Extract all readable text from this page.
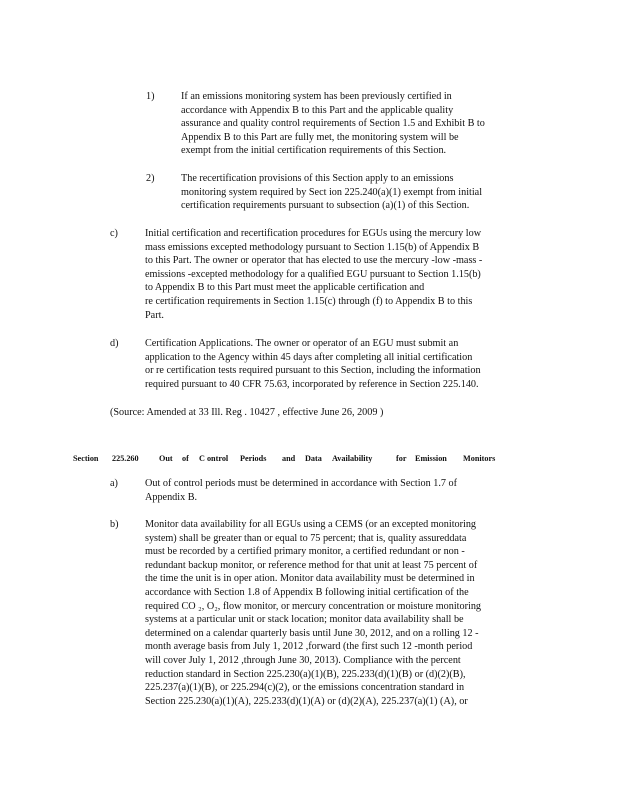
1)	If an emissions monitoring system has been previously certified in
accordance with Appendix B to this Part and the applicable quality
assurance and quality control requirements of Section 1.5 and Exhibit B to
Appendix B to this Part are fully met, the monitoring system will be
exempt from the initial certification requirements of this Section.
2)	The recertification provisions of this Section apply to an emissions
monitoring system required by Sect ion 225.240(a)(1) exempt from initial
certification requirements pursuant to subsection (a)(1) of this Section.
c)	Initial certification and recertification procedures for EGUs using the mercury low
mass emissions excepted methodology pursuant to Section 1.15(b) of Appendix B
to this Part. The owner or operator that has elected to use the mercury -low -mass -
emissions -excepted methodology for a qualified EGU pursuant to Section 1.15(b)
to Appendix B to this Part must meet the applicable certification and
re certification requirements in Section 1.15(c) through (f) to Appendix B to this
Part.
d)	Certification Applications. The owner or operator of an EGU must submit an
application to the Agency within 45 days after completing all initial certification
or re certification tests required pursuant to this Section, including the information
required pursuant to 40 CFR 75.63, incorporated by reference in Section 225.140.
(Source: Amended at 33 Ill. Reg . 10427 , effective June 26, 2009 )
Section 225.260 Out of C ontrol Periods and Data Availability	for Emission Monitors
a)	Out of control periods must be determined in accordance with Section 1.7 of
Appendix B.
b)	Monitor data availability for all EGUs using a CEMS (or an excepted monitoring
system) shall be greater than or equal to 75 percent; that is, quality assureddata
must be recorded by a certified primary monitor, a certified redundant or non -
redundant backup monitor, or reference method for that unit at least 75 percent of
the time the unit is in oper ation. Monitor data availability must be determined in
accordance with Section 1.8 of Appendix B following initial certification of the
required CO ₂, O₂, flow monitor, or mercury concentration or moisture monitoring
systems at a particular unit or stack location; monitor data availability shall be
determined on a calendar quarterly basis until June 30, 2012, and on a rolling 12 -
month average basis from July 1, 2012 ,forward (the first such 12 -month period
will cover July 1, 2012 ,through June 30, 2013). Compliance with the percent
reduction standard in Section 225.230(a)(1)(B), 225.233(d)(1)(B) or (d)(2)(B),
225.237(a)(1)(B), or 225.294(c)(2), or the emissions concentration standard in
Section 225.230(a)(1)(A), 225.233(d)(1)(A) or (d)(2)(A), 225.237(a)(1) (A), or
